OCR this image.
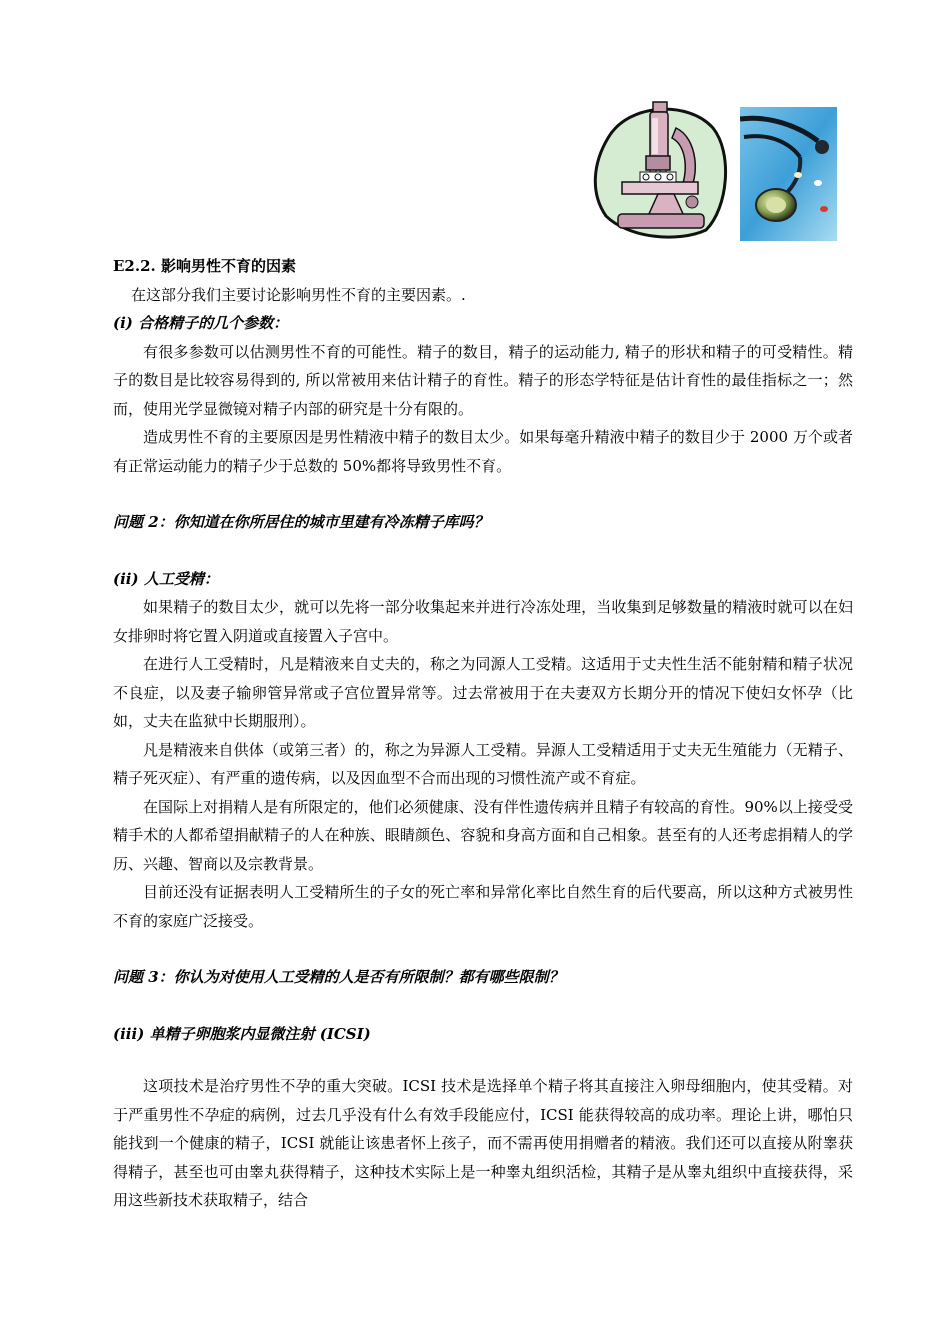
E2.2. 影响男性不育的因素

在这部分我们主要讨论影响男性不育的主要因素。.

(i) 合格精子的几个参数：

有很多参数可以估测男性不育的可能性。精子的数目，精子的运动能力, 精子的形状和精子的可受精性。精子的数目是比较容易得到的, 所以常被用来估计精子的育性。精子的形态学特征是估计育性的最佳指标之一；然而，使用光学显微镜对精子内部的研究是十分有限的。

造成男性不育的主要原因是男性精液中精子的数目太少。如果每毫升精液中精子的数目少于 2000 万个或者有正常运动能力的精子少于总数的 50%都将导致男性不育。

问题 2：你知道在你所居住的城市里建有冷冻精子库吗？

(ii) 人工受精：

如果精子的数目太少，就可以先将一部分收集起来并进行冷冻处理，当收集到足够数量的精液时就可以在妇女排卵时将它置入阴道或直接置入子宫中。

在进行人工受精时，凡是精液来自丈夫的，称之为同源人工受精。这适用于丈夫性生活不能射精和精子状况不良症，以及妻子输卵管异常或子宫位置异常等。过去常被用于在夫妻双方长期分开的情况下使妇女怀孕（比如，丈夫在监狱中长期服刑）。

凡是精液来自供体（或第三者）的，称之为异源人工受精。异源人工受精适用于丈夫无生殖能力（无精子、精子死灭症）、有严重的遗传病，以及因血型不合而出现的习惯性流产或不育症。

在国际上对捐精人是有所限定的，他们必须健康、没有伴性遗传病并且精子有较高的育性。90%以上接受受精手术的人都希望捐献精子的人在种族、眼睛颜色、容貌和身高方面和自己相象。甚至有的人还考虑捐精人的学历、兴趣、智商以及宗教背景。

目前还没有证据表明人工受精所生的子女的死亡率和异常化率比自然生育的后代要高，所以这种方式被男性不育的家庭广泛接受。

问题 3：你认为对使用人工受精的人是否有所限制？都有哪些限制？

(iii) 单精子卵胞浆内显微注射 (ICSI)

这项技术是治疗男性不孕的重大突破。ICSI 技术是选择单个精子将其直接注入卵母细胞内，使其受精。对于严重男性不孕症的病例，过去几乎没有什么有效手段能应付，ICSI 能获得较高的成功率。理论上讲，哪怕只能找到一个健康的精子，ICSI 就能让该患者怀上孩子，而不需再使用捐赠者的精液。我们还可以直接从附睾获得精子，甚至也可由睾丸获得精子，这种技术实际上是一种睾丸组织活检，其精子是从睾丸组织中直接获得，采用这些新技术获取精子，结合
